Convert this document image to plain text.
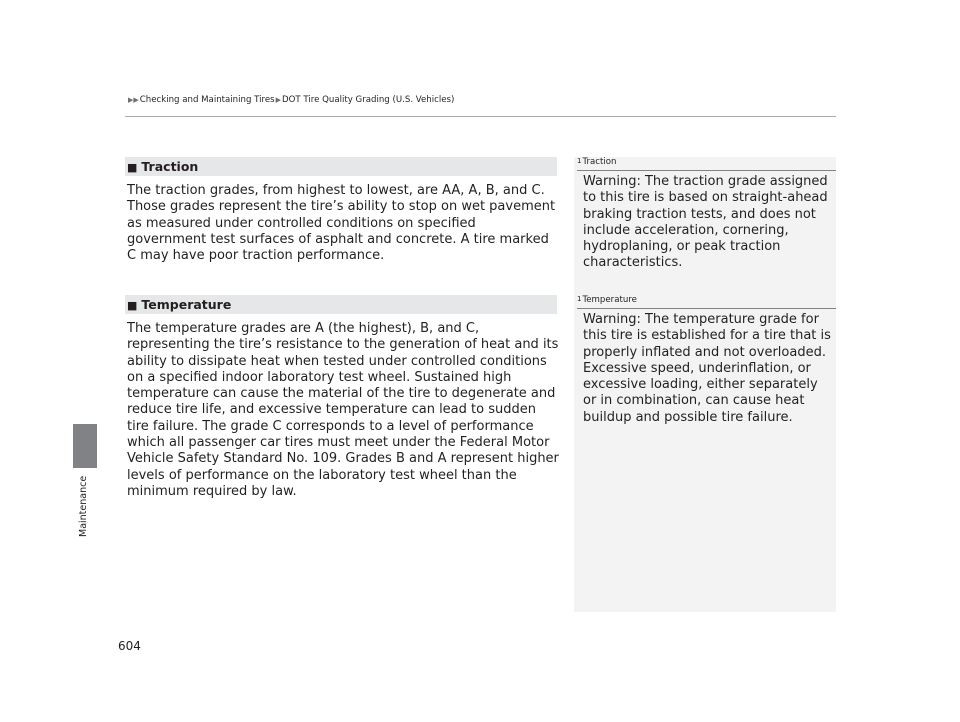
▶▶Checking and Maintaining Tires▶DOT Tire Quality Grading (U.S. Vehicles)
Maintenance
■ Traction
The traction grades, from highest to lowest, are AA, A, B, and C. Those grades represent the tire’s ability to stop on wet pavement as measured under controlled conditions on specified government test surfaces of asphalt and concrete. A tire marked C may have poor traction performance.
■ Temperature
The temperature grades are A (the highest), B, and C, representing the tire’s resistance to the generation of heat and its ability to dissipate heat when tested under controlled conditions on a specified indoor laboratory test wheel. Sustained high temperature can cause the material of the tire to degenerate and reduce tire life, and excessive temperature can lead to sudden tire failure. The grade C corresponds to a level of performance which all passenger car tires must meet under the Federal Motor Vehicle Safety Standard No. 109. Grades B and A represent higher levels of performance on the laboratory test wheel than the minimum required by law.
1Traction
Warning: The traction grade assigned to this tire is based on straight-ahead braking traction tests, and does not include acceleration, cornering, hydroplaning, or peak traction characteristics.
1Temperature
Warning: The temperature grade for this tire is established for a tire that is properly inflated and not overloaded. Excessive speed, underinflation, or excessive loading, either separately or in combination, can cause heat buildup and possible tire failure.
604
